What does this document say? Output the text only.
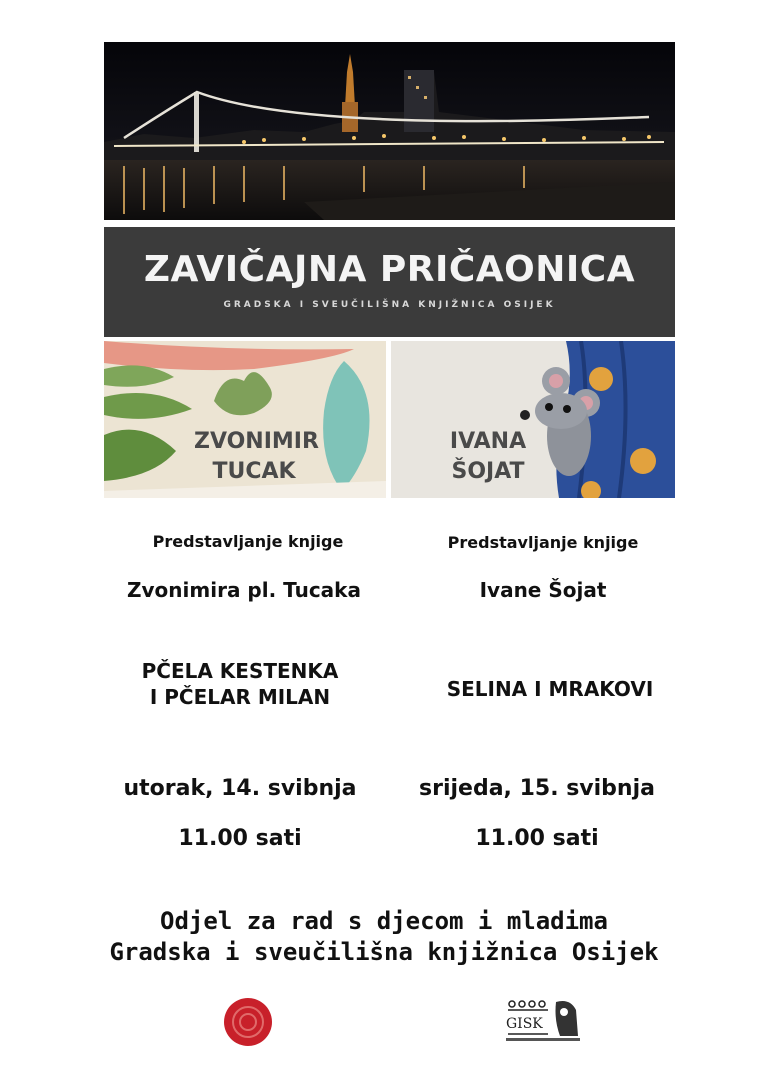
ZAVIČAJNA PRIČAONICA
GRADSKA I SVEUČILIŠNA KNJIŽNICA OSIJEK
ZVONIMIR
TUCAK
IVANA
ŠOJAT
Predstavljanje knjige
Zvonimira pl. Tucaka
PČELA KESTENKA
I PČELAR MILAN
utorak, 14. svibnja
11.00 sati
Predstavljanje knjige
Ivane Šojat
SELINA I MRAKOVI
srijeda, 15. svibnja
11.00 sati
Odjel za rad s djecom i mladima
Gradska i sveučilišna knjižnica Osijek
GISK
